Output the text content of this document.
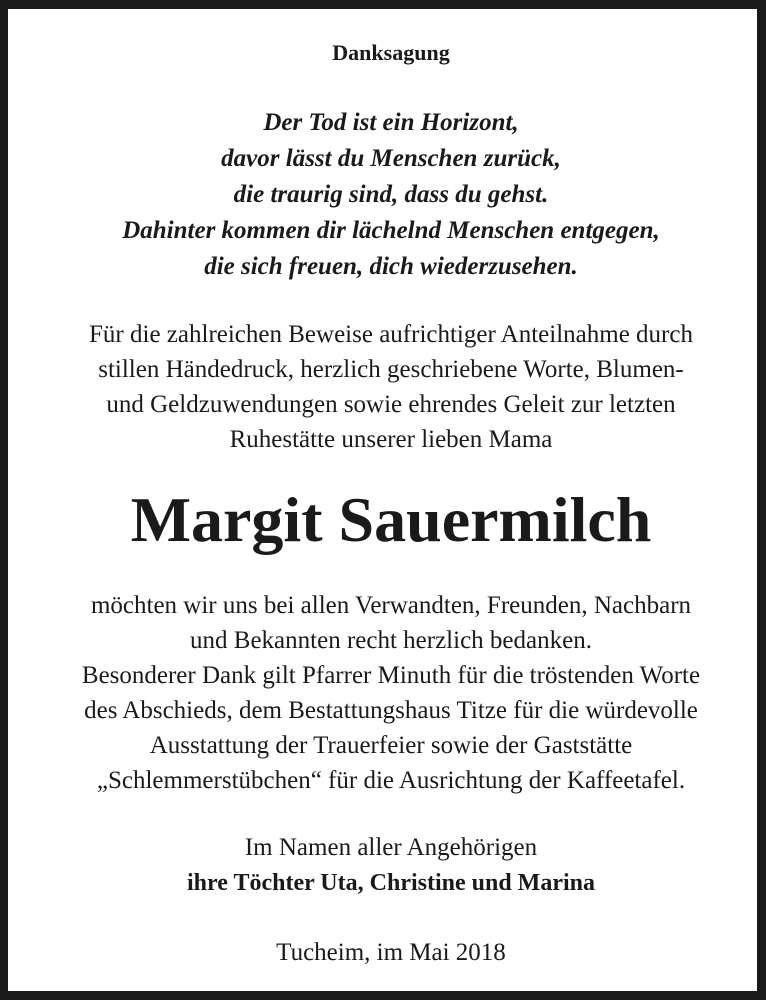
Danksagung

Der Tod ist ein Horizont,

davor lässt du Menschen zurück,

die traurig sind, dass du gehst.

Dahinter kommen dir lächelnd Menschen entgegen,

die sich freuen, dich wiederzusehen.

Für die zahlreichen Beweise aufrichtiger Anteilnahme durch

stillen Händedruck, herzlich geschriebene Worte, Blumen-

und Geldzuwendungen sowie ehrendes Geleit zur letzten

Ruhestätte unserer lieben Mama

Margit Sauermilch

möchten wir uns bei allen Verwandten, Freunden, Nachbarn

und Bekannten recht herzlich bedanken.

Besonderer Dank gilt Pfarrer Minuth für die tröstenden Worte

des Abschieds, dem Bestattungshaus Titze für die würdevolle

Ausstattung der Trauerfeier sowie der Gaststätte

„Schlemmerstübchen“ für die Ausrichtung der Kaffeetafel.

Im Namen aller Angehörigen

ihre Töchter Uta, Christine und Marina

Tucheim, im Mai 2018
